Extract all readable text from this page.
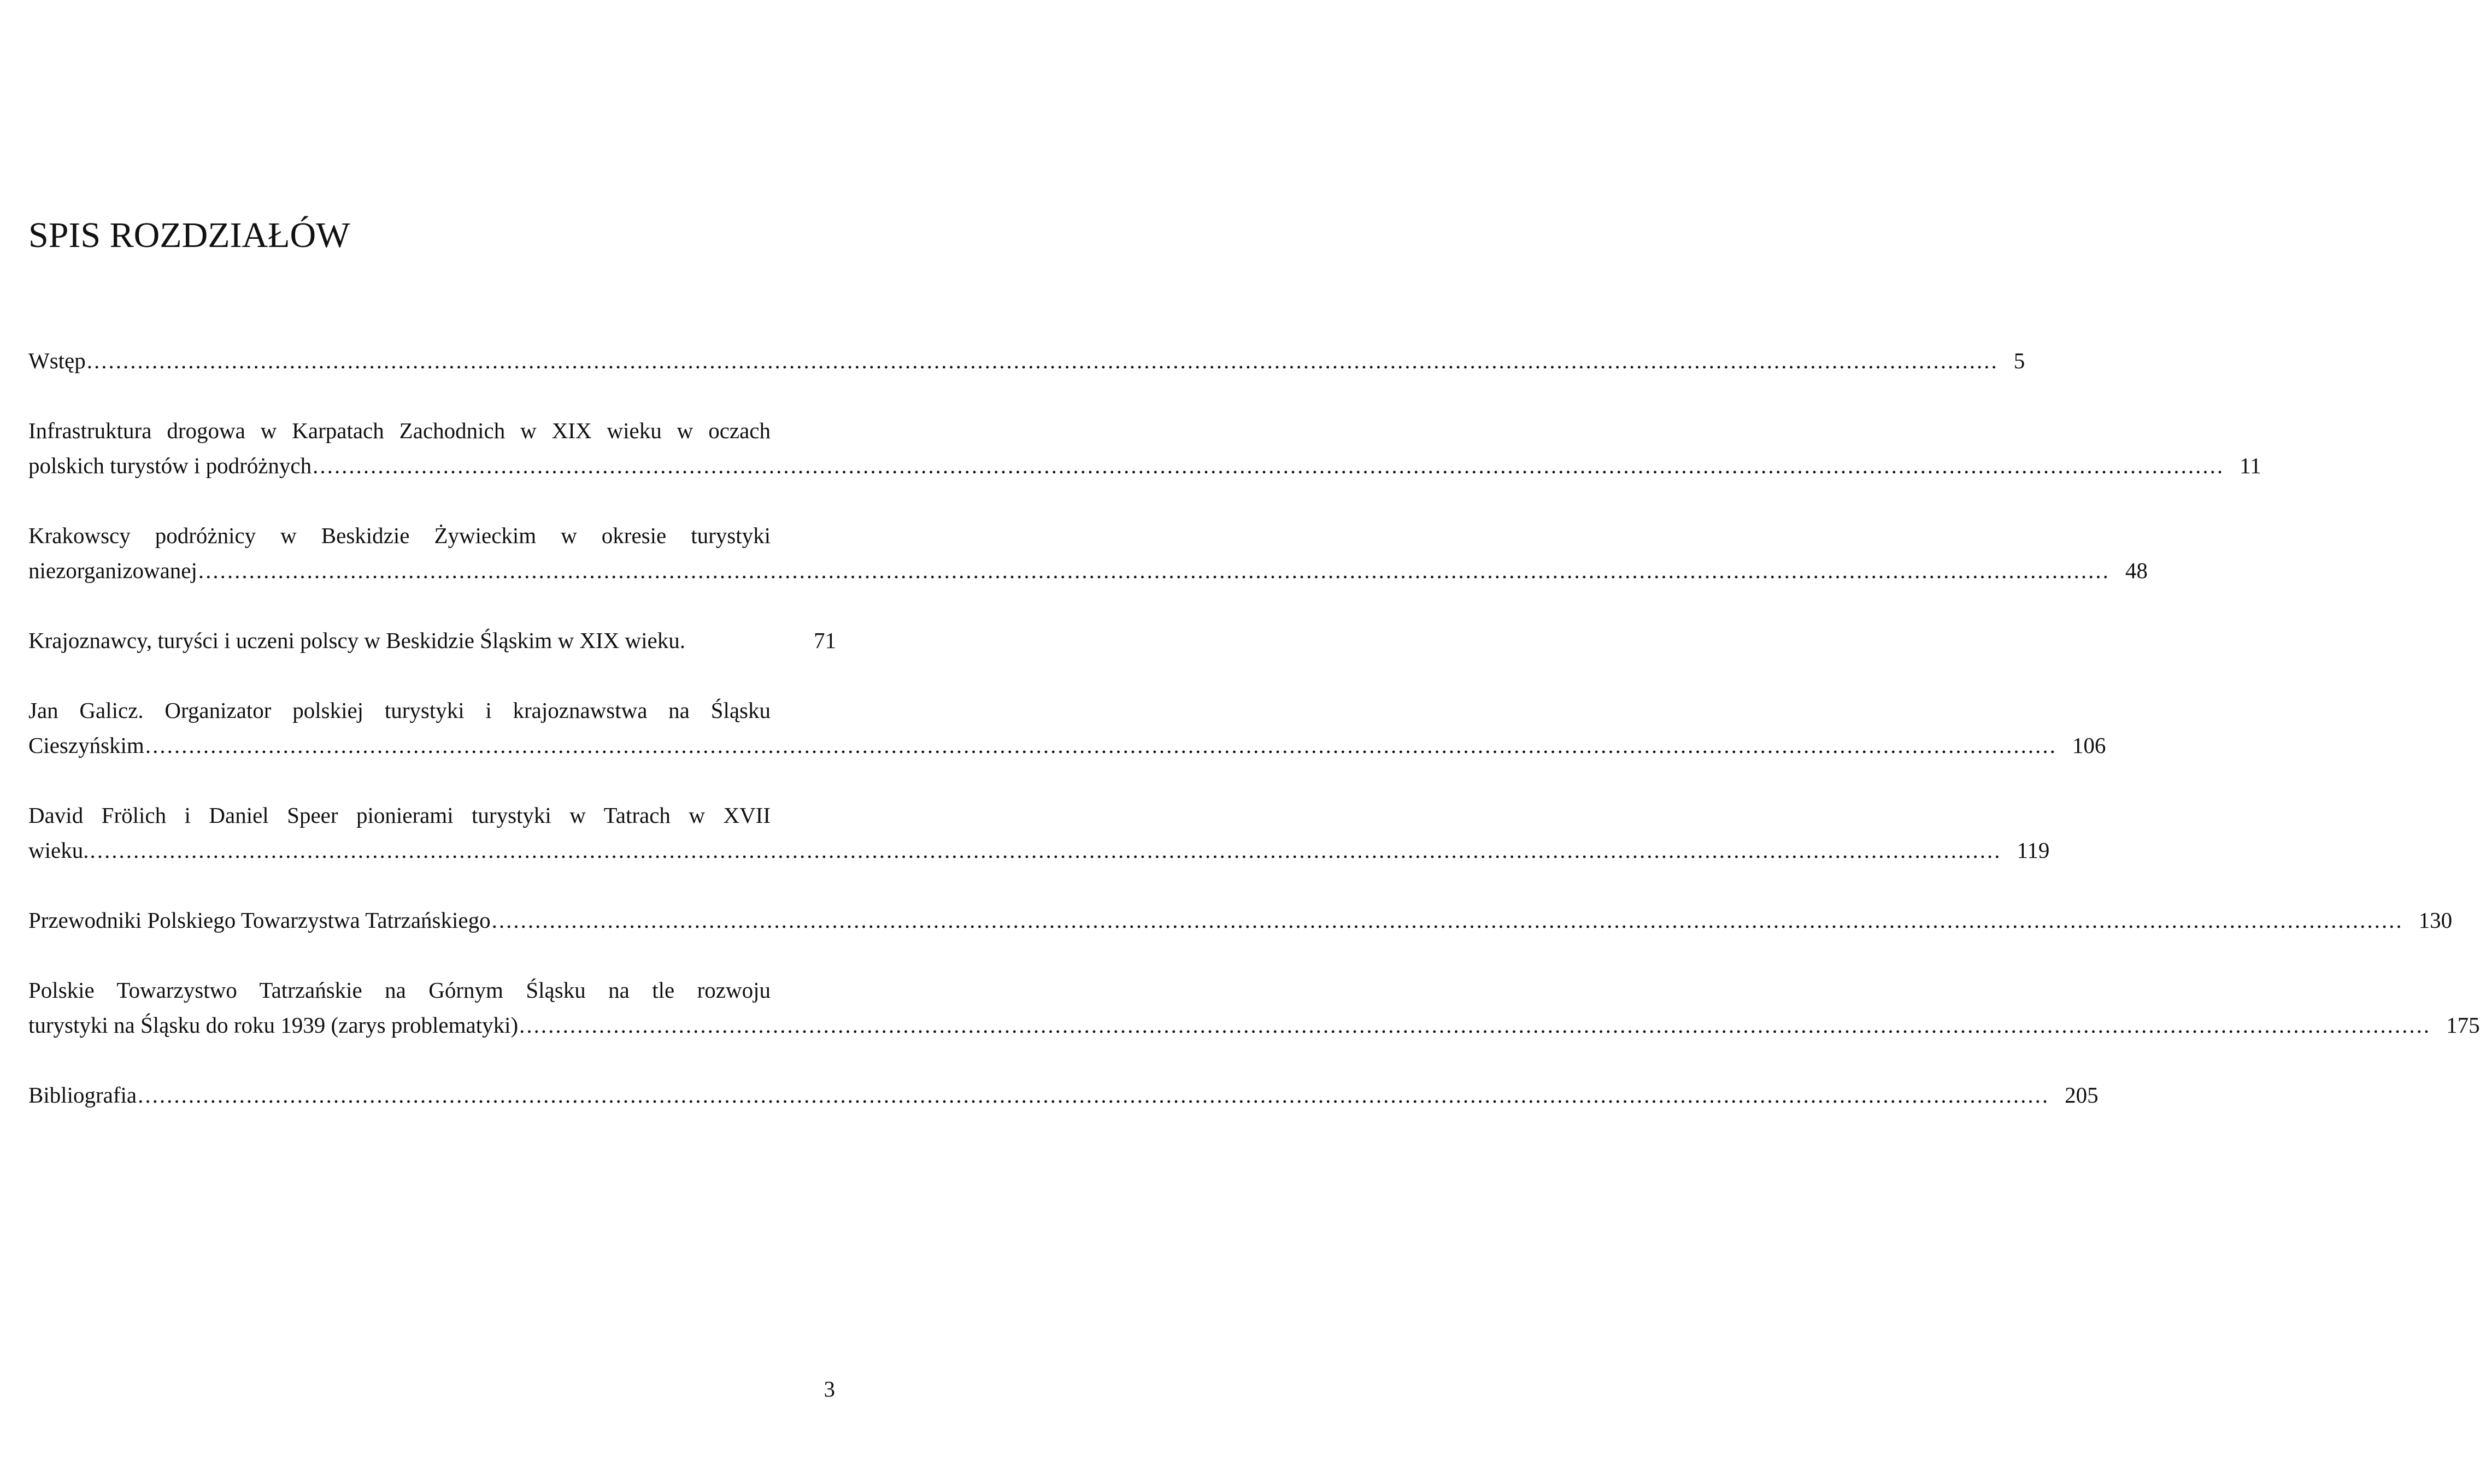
SPIS ROZDZIAŁÓW
Wstęp ........................................................................................................................................................................................................................................................................ 5
Infrastruktura drogowa w Karpatach Zachodnich w XIX wieku w oczach
polskich turystów i podróżnych ........................................................................................................................................................................................................................................................................ 11
Krakowscy podróżnicy w Beskidzie Żywieckim w okresie turystyki
niezorganizowanej ........................................................................................................................................................................................................................................................................ 48
Krajoznawcy, turyści i uczeni polscy w Beskidzie Śląskim w XIX wieku.	71
Jan Galicz. Organizator polskiej turystyki i krajoznawstwa na Śląsku
Cieszyńskim ........................................................................................................................................................................................................................................................................ 106
David Frölich i Daniel Speer pionierami turystyki w Tatrach w XVII
wieku. ........................................................................................................................................................................................................................................................................ 119
Przewodniki Polskiego Towarzystwa Tatrzańskiego ........................................................................................................................................................................................................................................................................ 130
Polskie Towarzystwo Tatrzańskie na Górnym Śląsku na tle rozwoju
turystyki na Śląsku do roku 1939 (zarys problematyki) ........................................................................................................................................................................................................................................................................ 175
Bibliografia ........................................................................................................................................................................................................................................................................ 205
3
